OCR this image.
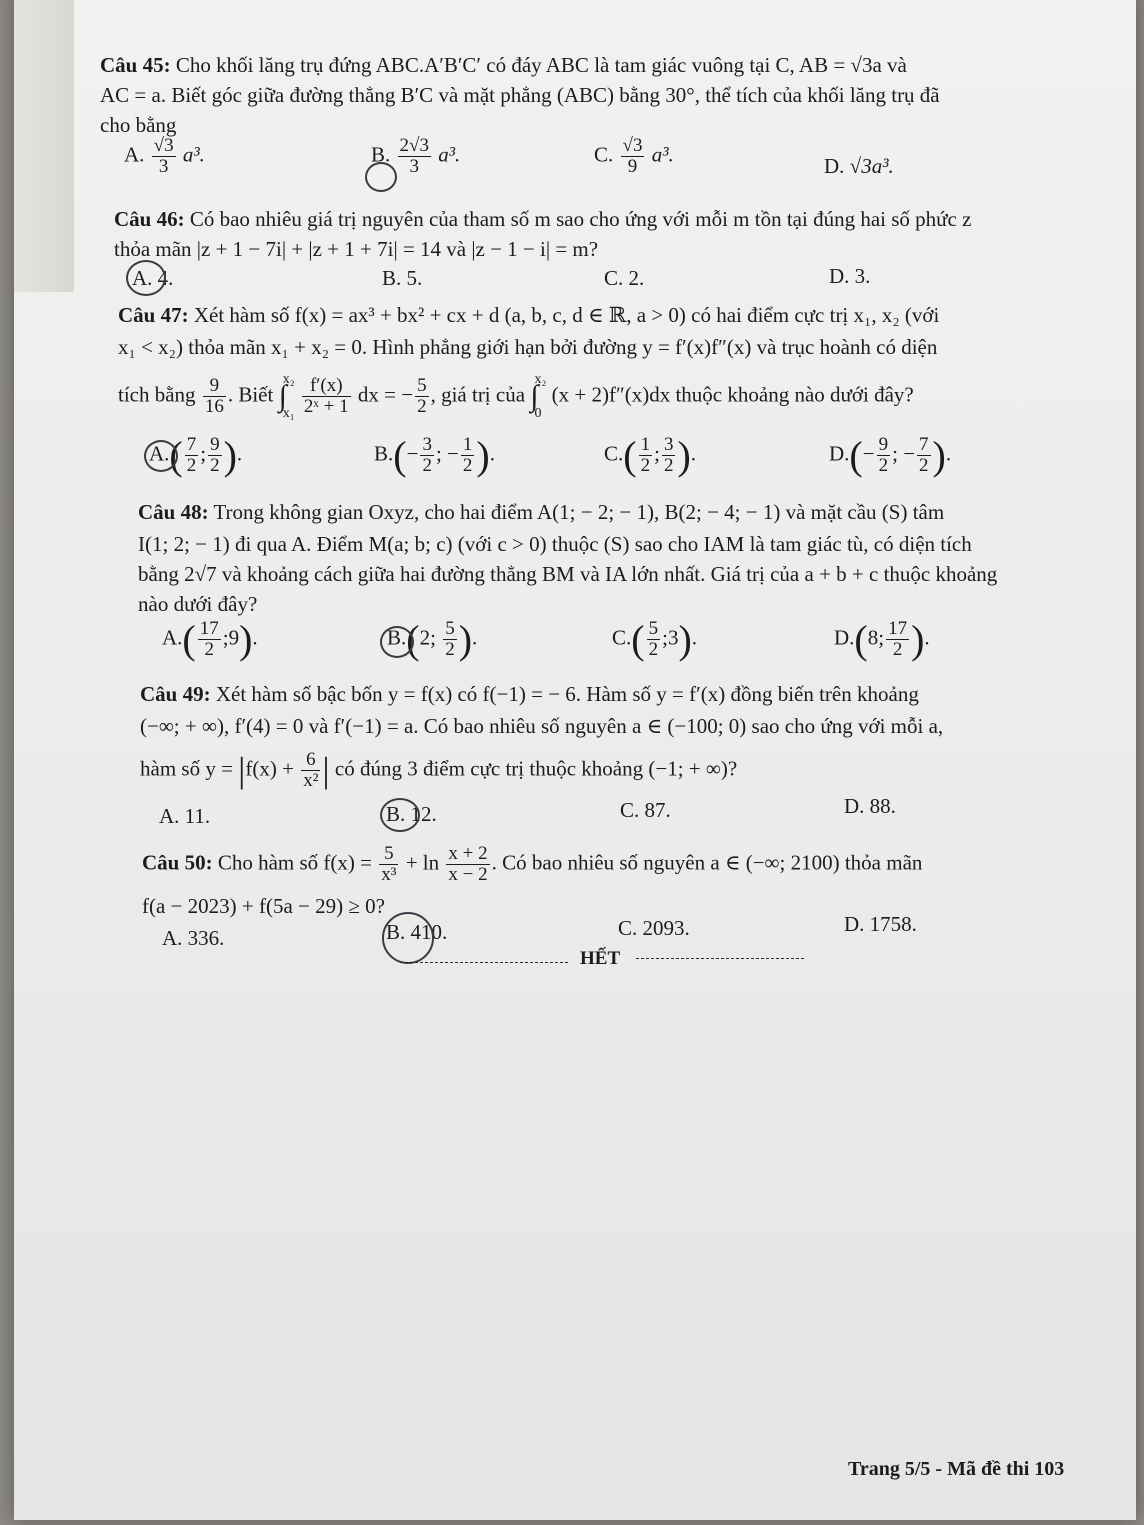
Câu 45: Cho khối lăng trụ đứng ABC.A′B′C′ có đáy ABC là tam giác vuông tại C, AB = √3a và
AC = a. Biết góc giữa đường thẳng B′C và mặt phẳng (ABC) bằng 30°, thể tích của khối lăng trụ đã
cho bằng
A. $\frac{√3}{3} a^3$.	B. $\frac{2√3}{3} a^3$.	C. $\frac{√3}{9} a^3$.	D. √3a³.
Câu 46: Có bao nhiêu giá trị nguyên của tham số m sao cho ứng với mỗi m tồn tại đúng hai số phức z
thỏa mãn |z + 1 − 7i| + |z + 1 + 7i| = 14 và |z − 1 − i| = m?
A. 4.	B. 5.	C. 2.	D. 3.
Câu 47: Xét hàm số f(x) = ax³ + bx² + cx + d (a, b, c, d ∈ ℝ, a > 0) có hai điểm cực trị x₁, x₂ (với
x₁ < x₂) thỏa mãn x₁ + x₂ = 0. Hình phẳng giới hạn bởi đường y = f′(x)f″(x) và trục hoành có diện
tích bằng $\frac{9}{16}$ . Biết ∫
x₂
x₁
$\frac{f'(x)}{\text{2ˣ + 1}}$ dx = − $\frac{5}{2}$ , giá trị của ∫
x₂
0
(x + 2)f″(x)dx thuộc khoảng nào dưới đây?
$A.( \frac{7}{2}$ ; $\frac{9}{2}$ ).	$B.(- \frac{3}{2}$ ; − $\frac{1}{2}$ ).	$C.( \frac{1}{2}$ ; $\frac{3}{2}$ ).	$D.(- \frac{9}{2}$ ; − $\frac{7}{2}$ ).
Câu 48: Trong không gian Oxyz, cho hai điểm A(1; − 2; − 1), B(2; − 4; − 1) và mặt cầu (S) tâm
I(1; 2; − 1) đi qua A. Điểm M(a; b; c) (với c > 0) thuộc (S) sao cho IAM là tam giác tù, có diện tích
bằng 2√7 và khoảng cách giữa hai đường thẳng BM và IA lớn nhất. Giá trị của a + b + c thuộc khoảng
nào dưới đây?
$A.( \frac{17}{2}$ ;9).	B.(2; $\frac{5}{2}$ ).	$C.( \frac{5}{2}$ ;3).	D.(8; $\frac{17}{2}$ ).
Câu 49: Xét hàm số bậc bốn y = f(x) có f(−1) = − 6. Hàm số y = f′(x) đồng biến trên khoảng
(−∞; + ∞), f′(4) = 0 và f′(−1) = a. Có bao nhiêu số nguyên a ∈ (−100; 0) sao cho ứng với mỗi a,
hàm số $y = |f(x) + \frac{6}{\text{x²}}$ | có đúng 3 điểm cực trị thuộc khoảng (−1; + ∞)?
A. 11.	B. 12.	C. 87.	D. 88.
Câu 50: Cho hàm số $f(x) = \frac{5}{\text{x³}} + \ln \frac{x + 2}{x - 2}$ . Có bao nhiêu số nguyên a ∈ (−∞; 2100) thỏa mãn
f(a − 2023) + f(5a − 29) ≥ 0?
A. 336.	B. 410.	C. 2093.	D. 1758.
HẾT
Trang 5/5 - Mã đề thi 103
